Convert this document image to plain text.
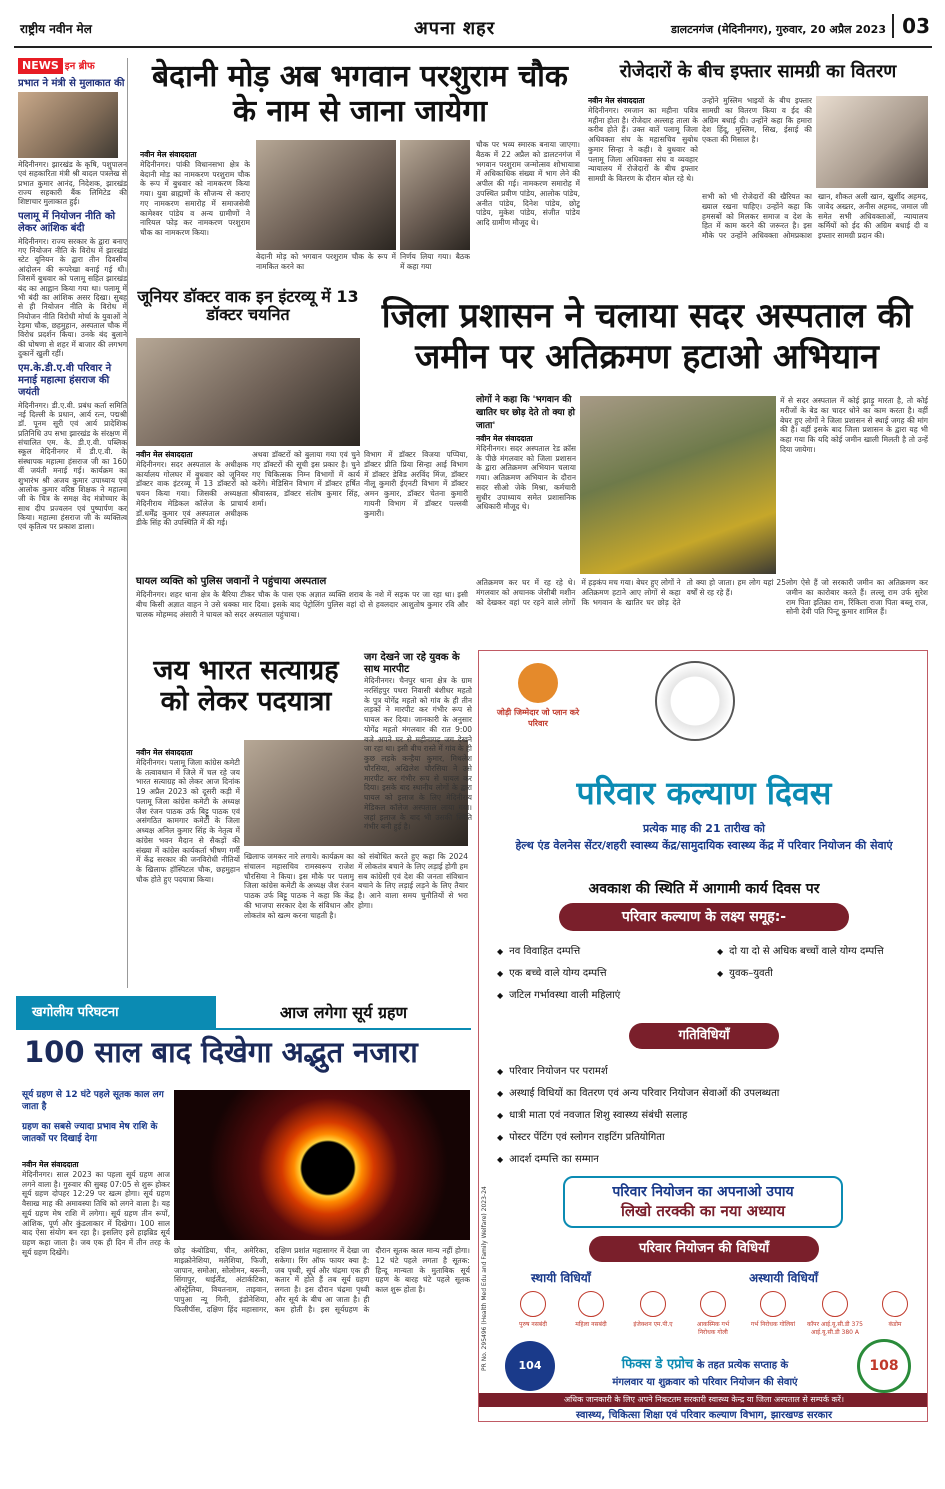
राष्ट्रीय नवीन मेल	अपना शहर	डालटनगंज (मेदिनीनगर), गुरुवार, 20 अप्रैल 2023 03
NEWS इन ब्रीफ
प्रभात ने मंत्री से मुलाकात की
मेदिनीनगर। झारखंड के कृषि, पशुपालन एवं सहकारिता मंत्री श्री बादल पत्रलेख से प्रभात कुमार आनंद, निदेशक, झारखंड राज्य सहकारी बैंक लिमिटेड की शिष्टाचार मुलाकात हुई।
पलामू में नियोजन नीति को लेकर आंशिक बंदी
मेदिनीनगर। राज्य सरकार के द्वारा बनाए गए नियोजन नीति के विरोध में झारखंड स्टेट यूनियन के द्वारा तीन दिवसीय आंदोलन की रूपरेखा बनाई गई थी। जिसमें बुधवार को पलामू सहित झारखंड बंद का आह्वान किया गया था। पलामू में भी बंदी का आंशिक असर दिखा। सुबह से ही नियोजन नीति के विरोध में नियोजन नीति विरोधी मोर्चा के युवाओं ने रेड़मा चौक, छहमुहान, अस्पताल चौक में विरोध प्रदर्शन किया। उनके बंद बुलाने की घोषणा से शहर में बाजार की लगभग दुकानें खुली रहीं।
एम.के.डी.ए.वी परिवार ने मनाई महात्मा हंसराज की जयंती
मेदिनीनगर। डी.ए.वी. प्रबंध कर्ता समिति नई दिल्ली के प्रधान, आर्य रत्न, पद्मश्री डॉ. पूनम सूरी एवं आर्य प्रादेशिक प्रतिनिधि उप सभा झारखंड के संरक्षण में संचालित एम. के. डी.ए.वी. पब्लिक स्कूल मेदिनीनगर में डी.ए.वी. के संस्थापक महात्मा हंसराज जी का 160 वीं जयंती मनाई गई। कार्यक्रम का शुभारंभ श्री अजय कुमार उपाध्याय एवं आलोक कुमार वरिष्ठ शिक्षक ने महात्मा जी के चित्र के समक्ष वेद मंत्रोच्चार के साथ दीप प्रज्वलन एवं पुष्पार्पण कर किया। महात्मा हंसराज जी के व्यक्तित्व एवं कृतित्व पर प्रकाश डाला।
बेदानी मोड़ अब भगवान परशुराम चौक के नाम से जाना जायेगा
नवीन मेल संवाददाता
मेदिनीनगर। पांकी विधानसभा क्षेत्र के बेदानी मोड़ का नामकरण परशुराम चौक के रूप में बुधवार को नामकरण किया गया। युवा ब्राह्मणों के सौजन्य से कराए गए नामकरण समारोह में समाजसेवी कामेश्वर पांडेय व अन्य ग्रामीणों ने नारियल फोड़ कर नामकरण परशुराम चौक का नामकरण किया।
बेदानी मोड़ को भगवान परशुराम चौक के रूप में नामकित करने का
निर्णय लिया गया। बैठक में कहा गया
चौक पर भव्य स्मारक बनाया जाएगा। बैठक में 22 अप्रैल को डालटनगंज में भगवान परशुराम जन्मोत्सव शोभायात्रा में अधिकाधिक संख्या में भाग लेने की अपील की गई। नामकरण समारोह में उपस्थित प्रवीण पांडेय, आलोक पांडेय, अनीत पांडेय, दिनेश पांडेय, छोटू पांडेय, मुकेश पांडेय, संजीत पांडेय आदि ग्रामीण मौजूद थे।
रोजेदारों के बीच इफ्तार सामग्री का वितरण
नवीन मेल संवाददाता
मेदिनीनगर। रमजान का महीना पवित्र महीना होता है। रोजेदार अल्लाह ताला के करीब होते हैं। उक्त बातें पलामू जिला अधिवक्ता संघ के महासचिव सुबोध कुमार सिन्हा ने कही। वे बुधवार को पलामू जिला अधिवक्ता संघ व व्यवहार न्यायालय में रोजेदारों के बीच इफ्तार सामग्री के वितरण के दौरान बोल रहे थे।
उन्होंने मुस्लिम भाइयों के बीच इफ्तार सामग्री का वितरण किया व ईद की अग्रिम बधाई दी। उन्होंने कहा कि हमारा देश हिंदू, मुस्लिम, सिख, ईसाई की एकता की मिसाल है।
सभी को भी रोजेदारों की खैरियत का ख्याल रखना चाहिए। उन्होंने कहा कि हमसबों को मिलकर समाज व देश के हित में काम करने की जरूरत है। इस मौके पर उन्होंने अधिवक्ता ओमप्रकाश खान, शौकत अली खान, खुर्शीद अहमद, जावेद अख्तर, अनीस अहमद, जमाल जी समेत सभी अधिवक्ताओं, न्यायालय कर्मियों को ईद की अग्रिम बधाई दी व इफ्तार सामग्री प्रदान की।
जूनियर डॉक्टर वाक इन इंटरव्यू में 13 डॉक्टर चयनित
नवीन मेल संवाददाता
मेदिनीनगर। सदर अस्पताल के अधीक्षक कार्यालय गोलघर में बुधवार को जूनियर डॉक्टर वाक इंटरव्यू में 13 डॉक्टरों को चयन किया गया। जिसकी अध्यक्षता मेदिनीराय मेडिकल कॉलेज के प्राचार्य डॉ.धर्मेंद्र कुमार एवं अस्पताल अधीक्षक डीके सिंह की उपस्थिति में की गई।
अथवा डॉक्टरों को बुलाया गया एवं चुने गए डॉक्टरों की सूची इस प्रकार है। चुने गए चिकित्सक निम्न विभागों में कार्य करेंगे। मेडिसिन विभाग में डॉक्टर हर्षित श्रीवास्तव, डॉक्टर संतोष कुमार सिंह, शर्मा।
विभाग में डॉक्टर विजया पप्पिया, डॉक्टर प्रीति प्रिया सिन्हा आई विभाग में डॉक्टर डेविड अरविंद मिंज, डॉक्टर नीलू कुमारी ईएनटी विभाग में डॉक्टर अमन कुमार, डॉक्टर चेतना कुमारी गायनी विभाग में डॉक्टर पल्लवी कुमारी।
घायल व्यक्ति को पुलिस जवानों ने पहुंचाया अस्पताल
मेदिनीनगर। शहर थाना क्षेत्र के बैरिया टीकर चौक के पास एक अज्ञात व्यक्ति शराब के नशे में सड़क पर जा रहा था। इसी बीच किसी अज्ञात वाहन ने उसे धक्का मार दिया। इसके बाद पेट्रोलिंग पुलिस वहां दो से हवलदार आशुतोष कुमार रवि और चालक मोहम्मद अंसारी ने घायल को सदर अस्पताल पहुंचाया।
जय भारत सत्याग्रह को लेकर पदयात्रा
नवीन मेल संवाददाता
मेदिनीनगर। पलामू जिला कांग्रेस कमेटी के तत्वावधान में जिले में चल रहे जय भारत सत्याग्रह को लेकर आज दिनांक 19 अप्रैल 2023 को दूसरी कड़ी में पलामू जिला कांग्रेस कमेटी के अध्यक्ष जैश रंजन पाठक उर्फ बिट्टू पाठक एवं असंगठित कामगार कमेटी के जिला अध्यक्ष अनिल कुमार सिंह के नेतृत्व में कांग्रेस भवन मैदान से सैकड़ों की संख्या में कांग्रेस कार्यकर्ता भीषण गर्मी में केंद्र सरकार की जनविरोधी नीतियों के खिलाफ हॉस्पिटल चौक, छहमुहान चौक होते हुए पदयात्रा किया।
खिलाफ जमकर नारे लगाये। कार्यक्रम का संचालन महासचिव रामस्वरूप राजेश चौरसिया ने किया। इस मौके पर पलामू जिला कांग्रेस कमेटी के अध्यक्ष जैश रंजन पाठक उर्फ बिट्टू पाठक ने कहा कि केंद्र की भाजपा सरकार देश के संविधान और लोकतंत्र को खत्म करना चाहती है।
को संबोधित करते हुए कहा कि 2024 में लोकतंत्र बचाने के लिए लड़ाई होगी हम सब कांग्रेसी एवं देश की जनता संविधान बचाने के लिए लड़ाई लड़ने के लिए तैयार है। आने वाला समय चुनौतियों से भरा होगा।
जिला प्रशासन ने चलाया सदर अस्पताल की जमीन पर अतिक्रमण हटाओ अभियान
लोगों ने कहा कि 'भगवान की खातिर घर छोड़ देते तो क्या हो जाता'
नवीन मेल संवाददाता
मेदिनीनगर। सदर अस्पताल रेड क्रॉस के पीछे मंगलवार को जिला प्रशासन के द्वारा अतिक्रमण अभियान चलाया गया। अतिक्रमण अभियान के दौरान सदर सीओ जेके मिश्रा, कर्मचारी सुधीर उपाध्याय समेत प्रशासनिक अधिकारी मौजूद थे।
में से सदर अस्पताल में कोई झाड़ू मारता है, तो कोई मरीजों के बेड का चादर धोने का काम करता है। वहीं बेघर हुए लोगों ने जिला प्रशासन से स्थाई जगह की मांग की है। वहीं इसके बाद जिला प्रशासन के द्वारा यह भी कहा गया कि यदि कोई जमीन खाली मिलती है तो उन्हें दिया जायेगा।
अतिक्रमण कर घर में रह रहे थे। मंगलवार को अचानक जेसीबी मशीन को देखकर वहां पर रहने वाले लोगों में हड़कंप मच गया। बेघर हुए लोगों ने अतिक्रमण हटाने आए लोगों से कहा कि भगवान के खातिर घर छोड़ देते तो क्या हो जाता। हम लोग यहां 25 वर्षों से रह रहे हैं।
लोग ऐसे हैं जो सरकारी जमीन का अतिक्रमण कर जमीन का कारोबार करते हैं। लल्लू राम उर्फ सुरेश राम पिता इतिक्रा राम, रिंकिता राजा पिता बब्लू राज, सोनी देवी पति पिन्टू कुमार शामिल हैं।
जग देखने जा रहे युवक के साथ मारपीट
मेदिनीनगर। चैनपुर थाना क्षेत्र के ग्राम नरसिंहपुर पथरा निवासी बंशीधर महतो के पुत्र योगेंद्र महतो को गांव के ही तीन लड़कों ने मारपीट कर गंभीर रूप से घायल कर दिया। जानकारी के अनुसार योगेंद्र महतो मंगलवार की रात 9:00 बजे अपने घर से महीनागढ़ जग देखने जा रहा था। इसी बीच रास्ते में गांव के ही कुछ लड़के कन्हैया कुमार, मिथलेश चौरसिया, अखिलेश चौरसिया ने उसे मारपीट कर गंभीर रूप से घायल कर दिया। इसके बाद स्थानीय लोगों के द्वारा घायल को इलाज के लिए मेदिनीराय मेडिकल कॉलेज अस्पताल लाया गया। जहां इलाज के बाद भी उसकी स्थिति गंभीर बनी हुई है।
जोड़ी जिम्मेदार जो प्लान करे परिवार
परिवार कल्याण दिवस
प्रत्येक माह की 21 तारीख को
हेल्थ एंड वेलनेस सेंटर/शहरी स्वास्थ्य केंद्र/सामुदायिक स्वास्थ्य केंद्र में परिवार नियोजन की सेवाएं
अवकाश की स्थिति में आगामी कार्य दिवस पर
परिवार कल्याण के लक्ष्य समूह:-
◆ नव विवाहित दम्पत्ति	◆ दो या दो से अधिक बच्चों वाले योग्य दम्पत्ति
◆ एक बच्चे वाले योग्य दम्पत्ति	◆ युवक–युवती
◆ जटिल गर्भावस्था वाली महिलाएं
गतिविधियाँ
◆ परिवार नियोजन पर परामर्श
◆ अस्थाई विधियों का वितरण एवं अन्य परिवार नियोजन सेवाओं की उपलब्धता
◆ धात्री माता एवं नवजात शिशु स्वास्थ्य संबंधी सलाह
◆ पोस्टर पेंटिंग एवं स्लोगन राइटिंग प्रतियोगिता
◆ आदर्श दम्पत्ति का सम्मान
परिवार नियोजन का अपनाओ उपाय
लिखो तरक्की का नया अध्याय
परिवार नियोजन की विधियाँ
स्थायी विधियाँ	अस्थायी विधियाँ
पुरुष नसबंदी	महिला नसबंदी	इंजेक्शन एम.पी.ए	आकस्मिक गर्भ निरोधक गोली
गर्भ निरोधक गोलियां	कॉपर आई.यू.सी.डी 375 आई.यू.सी.डी 380 A
कंडोम
104	108
फिक्स डे एप्रोच के तहत प्रत्येक सप्ताह के
मंगलवार या शुक्रवार को परिवार नियोजन की सेवाएं
PR No. 295496 (Health Med Edu and Family Welfare) 2023-24
अधिक जानकारी के लिए अपने निकटतम सरकारी स्वास्थ्य केन्द्र या जिला अस्पताल से सम्पर्क करें।
स्वास्थ्य, चिकित्सा शिक्षा एवं परिवार कल्याण विभाग, झारखण्ड सरकार
खगोलीय परिघटना	आज लगेगा सूर्य ग्रहण
100 साल बाद दिखेगा अद्भुत नजारा
सूर्य ग्रहण से 12 घंटे पहले सूतक काल लग जाता है
ग्रहण का सबसे ज्यादा प्रभाव मेष राशि के जातकों पर दिखाई देगा
नवीन मेल संवाददाता
मेदिनीनगर। साल 2023 का पहला सूर्य ग्रहण आज लगने वाला है। गुरुवार की सुबह 07:05 से शुरू होकर सूर्य ग्रहण दोपहर 12:29 पर खत्म होगा। सूर्य ग्रहण वैसाख माह की अमावस्या तिथि को लगने वाला है। यह सूर्य ग्रहण मेष राशि में लगेगा। सूर्य ग्रहण तीन रूपों, आंशिक, पूर्ण और कुंडलाकार में दिखेगा। 100 साल बाद ऐसा संयोग बन रहा है। इसलिए इसे हाइब्रिड सूर्य ग्रहण कहा जाता है। जब एक ही दिन में तीन तरह के सूर्य ग्रहण दिखेंगे।	छोड़ कंबोडिया, चीन, अमेरिका, माइक्रोनेशिया, मलेशिया, फिजी, जापान, समोआ, सोलोमन, बरूनी, सिंगापुर, थाईलैंड, अंटार्कटिका, ऑस्ट्रेलिया, वियतनाम, ताइवान, पापुआ न्यू गिनी, इंडोनेशिया, फिलीपींस, दक्षिण हिंद महासागर, दक्षिण प्रशांत महासागर में देखा जा सकेगा। रिंग ऑफ फायर क्या है: जब पृथ्वी, सूर्य और चंद्रमा एक ही कतार में होते हैं तब सूर्य ग्रहण लगता है। इस दौरान चंद्रमा पृथ्वी और सूर्य के बीच आ जाता है। ही कम होती है। इस सूर्यग्रहण के दौरान सूतक काल मान्य नहीं होगा। 12 घंटे पहले लगता है सूतक: हिन्दू मान्यता के मुताबिक सूर्य ग्रहण के बारह घंटे पहले सूतक काल शुरू होता है।
